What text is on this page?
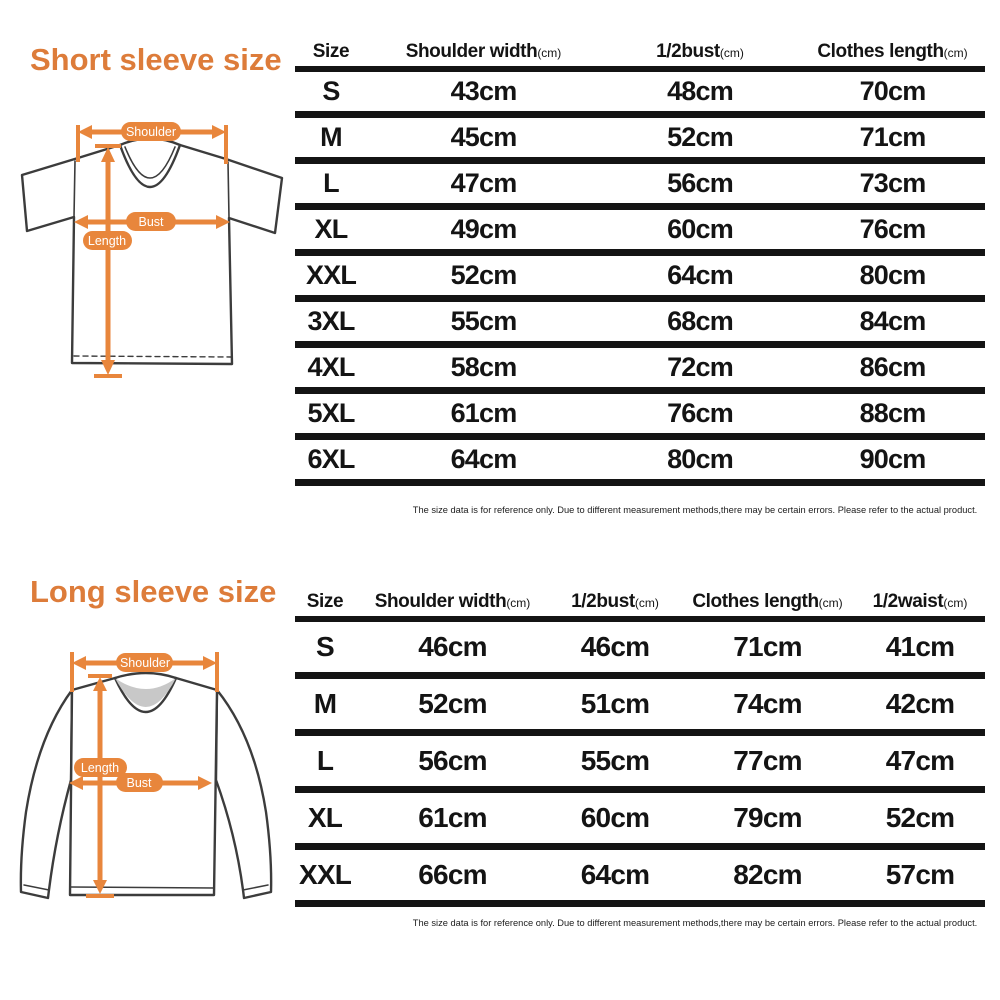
Short sleeve size
Shoulder
Bust
Length
Size	Shoulder width(cm)	1/2bust(cm)	Clothes length(cm)
S	43cm	48cm	70cm
M	45cm	52cm	71cm
L	47cm	56cm	73cm
XL	49cm	60cm	76cm
XXL	52cm	64cm	80cm
3XL	55cm	68cm	84cm
4XL	58cm	72cm	86cm
5XL	61cm	76cm	88cm
6XL	64cm	80cm	90cm
The size data is for reference only. Due to different measurement methods,there may be certain errors. Please refer to the actual product.
Long sleeve size
Shoulder
Bust
Length
Size	Shoulder width(cm)	1/2bust(cm)	Clothes length(cm)	1/2waist(cm)
S	46cm	46cm	71cm	41cm
M	52cm	51cm	74cm	42cm
L	56cm	55cm	77cm	47cm
XL	61cm	60cm	79cm	52cm
XXL	66cm	64cm	82cm	57cm
The size data is for reference only. Due to different measurement methods,there may be certain errors. Please refer to the actual product.
